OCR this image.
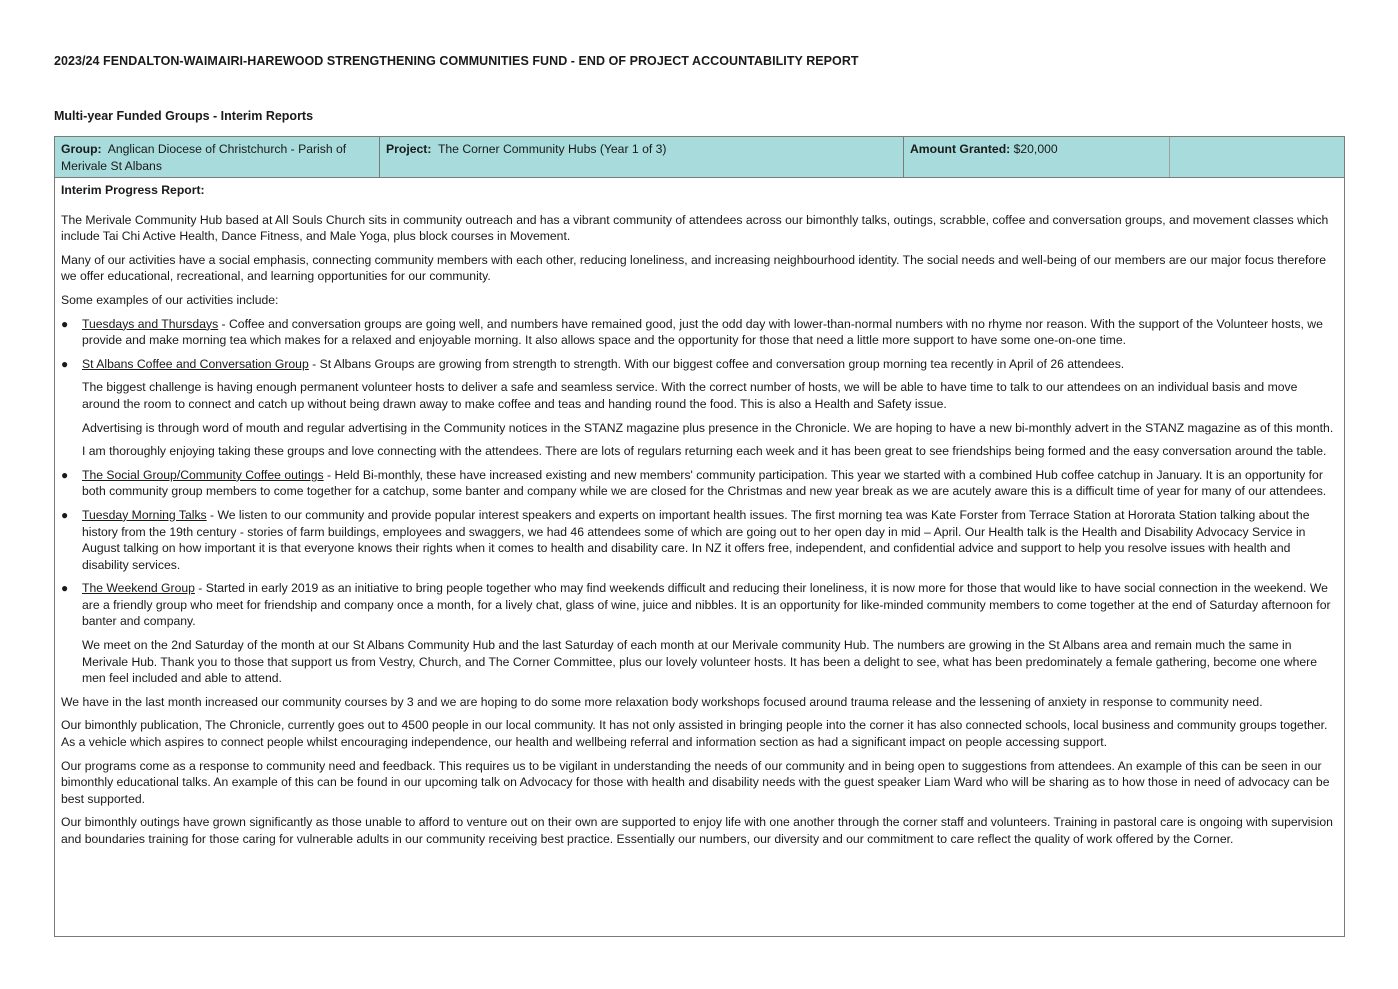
2023/24 FENDALTON-WAIMAIRI-HAREWOOD STRENGTHENING COMMUNITIES FUND - END OF PROJECT ACCOUNTABILITY REPORT
Multi-year Funded Groups - Interim Reports
Group: Anglican Diocese of Christchurch - Parish of Merivale St Albans
Project: The Corner Community Hubs (Year 1 of 3)	Amount Granted: $20,000

Interim Progress Report:

The Merivale Community Hub based at All Souls Church sits in community outreach and has a vibrant community of attendees across our bimonthly talks, outings, scrabble, coffee and conversation groups, and movement classes which include Tai Chi Active Health, Dance Fitness, and Male Yoga, plus block courses in Movement.

Many of our activities have a social emphasis, connecting community members with each other, reducing loneliness, and increasing neighbourhood identity. The social needs and well-being of our members are our major focus therefore we offer educational, recreational, and learning opportunities for our community.

Some examples of our activities include:

● Tuesdays and Thursdays - Coffee and conversation groups are going well, and numbers have remained good, just the odd day with lower-than-normal numbers with no rhyme nor reason. With the support of the Volunteer hosts, we provide and make morning tea which makes for a relaxed and enjoyable morning. It also allows space and the opportunity for those that need a little more support to have some one-on-one time.
● St Albans Coffee and Conversation Group - St Albans Groups are growing from strength to strength. With our biggest coffee and conversation group morning tea recently in April of 26 attendees.

The biggest challenge is having enough permanent volunteer hosts to deliver a safe and seamless service. With the correct number of hosts, we will be able to have time to talk to our attendees on an individual basis and move around the room to connect and catch up without being drawn away to make coffee and teas and handing round the food. This is also a Health and Safety issue.

Advertising is through word of mouth and regular advertising in the Community notices in the STANZ magazine plus presence in the Chronicle. We are hoping to have a new bi-monthly advert in the STANZ magazine as of this month.

I am thoroughly enjoying taking these groups and love connecting with the attendees. There are lots of regulars returning each week and it has been great to see friendships being formed and the easy conversation around the table.

● The Social Group/Community Coffee outings - Held Bi-monthly, these have increased existing and new members' community participation. This year we started with a combined Hub coffee catchup in January. It is an opportunity for both community group members to come together for a catchup, some banter and company while we are closed for the Christmas and new year break as we are acutely aware this is a difficult time of year for many of our attendees.
● Tuesday Morning Talks - We listen to our community and provide popular interest speakers and experts on important health issues. The first morning tea was Kate Forster from Terrace Station at Hororata Station talking about the history from the 19th century - stories of farm buildings, employees and swaggers, we had 46 attendees some of which are going out to her open day in mid – April. Our Health talk is the Health and Disability Advocacy Service in August talking on how important it is that everyone knows their rights when it comes to health and disability care. In NZ it offers free, independent, and confidential advice and support to help you resolve issues with health and disability services.
● The Weekend Group - Started in early 2019 as an initiative to bring people together who may find weekends difficult and reducing their loneliness, it is now more for those that would like to have social connection in the weekend. We are a friendly group who meet for friendship and company once a month, for a lively chat, glass of wine, juice and nibbles. It is an opportunity for like-minded community members to come together at the end of Saturday afternoon for banter and company.

We meet on the 2nd Saturday of the month at our St Albans Community Hub and the last Saturday of each month at our Merivale community Hub. The numbers are growing in the St Albans area and remain much the same in Merivale Hub. Thank you to those that support us from Vestry, Church, and The Corner Committee, plus our lovely volunteer hosts. It has been a delight to see, what has been predominately a female gathering, become one where men feel included and able to attend.

We have in the last month increased our community courses by 3 and we are hoping to do some more relaxation body workshops focused around trauma release and the lessening of anxiety in response to community need.

Our bimonthly publication, The Chronicle, currently goes out to 4500 people in our local community. It has not only assisted in bringing people into the corner it has also connected schools, local business and community groups together. As a vehicle which aspires to connect people whilst encouraging independence, our health and wellbeing referral and information section as had a significant impact on people accessing support.

Our programs come as a response to community need and feedback. This requires us to be vigilant in understanding the needs of our community and in being open to suggestions from attendees. An example of this can be seen in our bimonthly educational talks. An example of this can be found in our upcoming talk on Advocacy for those with health and disability needs with the guest speaker Liam Ward who will be sharing as to how those in need of advocacy can be best supported.

Our bimonthly outings have grown significantly as those unable to afford to venture out on their own are supported to enjoy life with one another through the corner staff and volunteers. Training in pastoral care is ongoing with supervision and boundaries training for those caring for vulnerable adults in our community receiving best practice. Essentially our numbers, our diversity and our commitment to care reflect the quality of work offered by the Corner.
